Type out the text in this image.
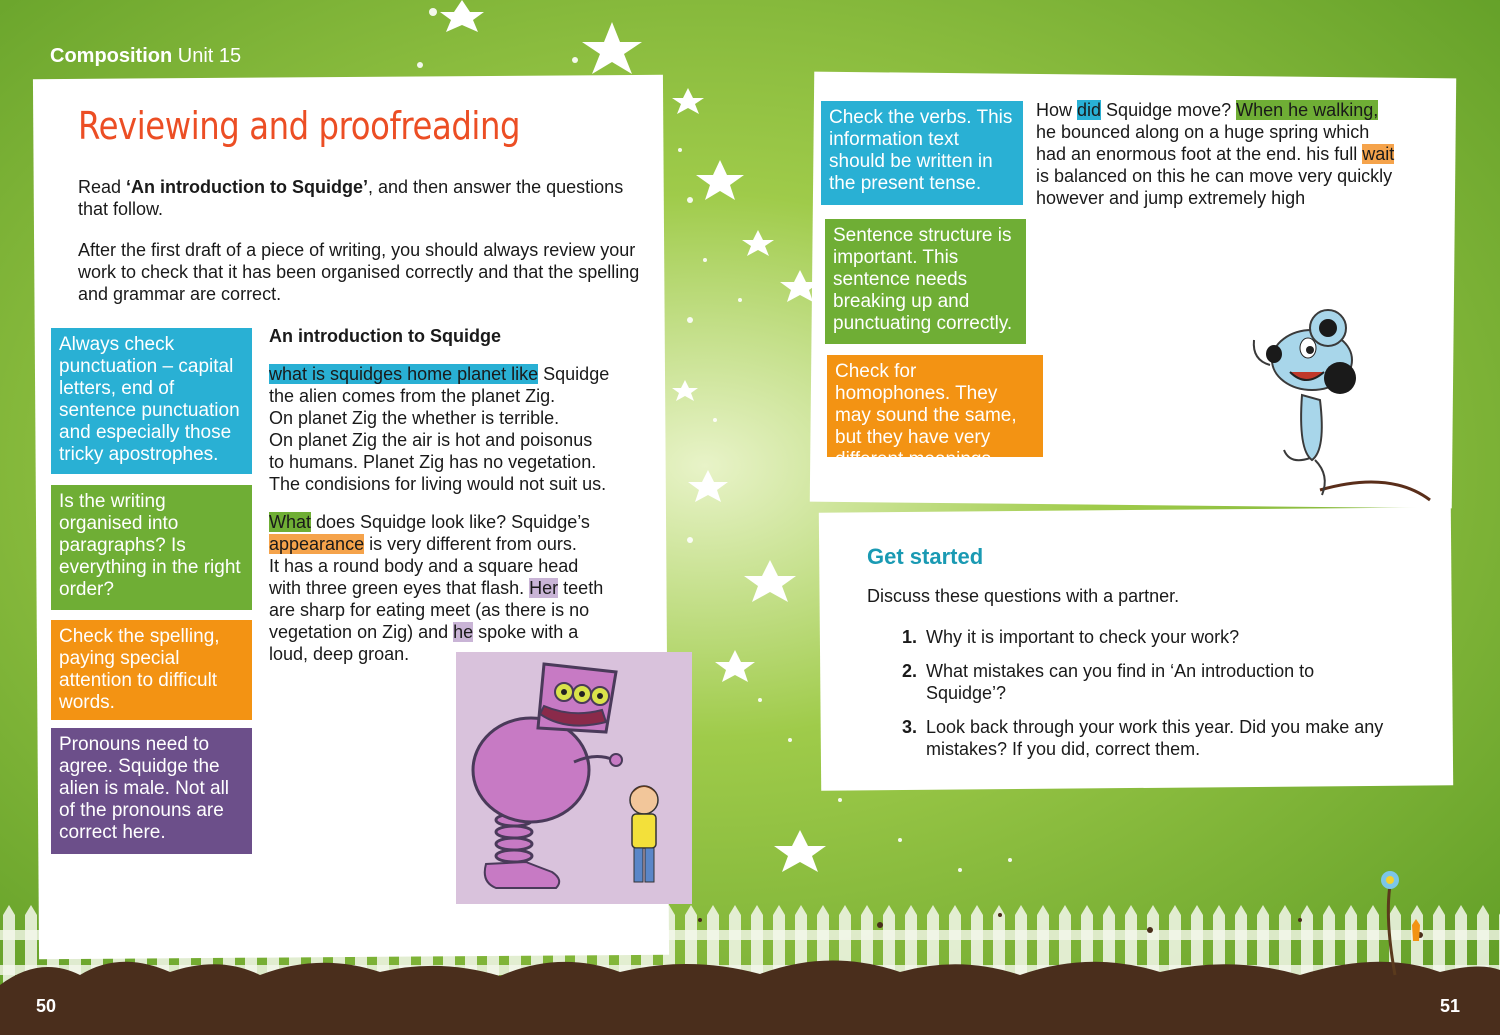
Composition Unit 15
Reviewing and proofreading
Read ‘An introduction to Squidge’, and then answer the questions that follow.
After the first draft of a piece of writing, you should always review your work to check that it has been organised correctly and that the spelling and grammar are correct.
Always check punctuation – capital letters, end of sentence punctuation and especially those tricky apostrophes.
Is the writing organised into paragraphs? Is everything in the right order?
Check the spelling, paying special attention to difficult words.
Pronouns need to agree. Squidge the alien is male. Not all of the pronouns are correct here.
An introduction to Squidge
what is squidges home planet like Squidge
the alien comes from the planet Zig.
On planet Zig the whether is terrible.
On planet Zig the air is hot and poisonus
to humans. Planet Zig has no vegetation.
The condisions for living would not suit us.
What does Squidge look like? Squidge’s
appearance is very different from ours.
It has a round body and a square head
with three green eyes that flash. Her teeth
are sharp for eating meet (as there is no
vegetation on Zig) and he spoke with a
loud, deep groan.
Check the verbs. This information text should be written in the present tense.
Sentence structure is important. This sentence needs breaking up and punctuating correctly.
Check for homophones. They may sound the same, but they have very different meanings.
How did Squidge move? When he walking,
he bounced along on a huge spring which
had an enormous foot at the end. his full wait
is balanced on this he can move very quickly
however and jump extremely high
Get started
Discuss these questions with a partner.
1. Why it is important to check your work?
2. What mistakes can you find in ‘An introduction to Squidge’?
3. Look back through your work this year. Did you make any mistakes? If you did, correct them.
50	51
